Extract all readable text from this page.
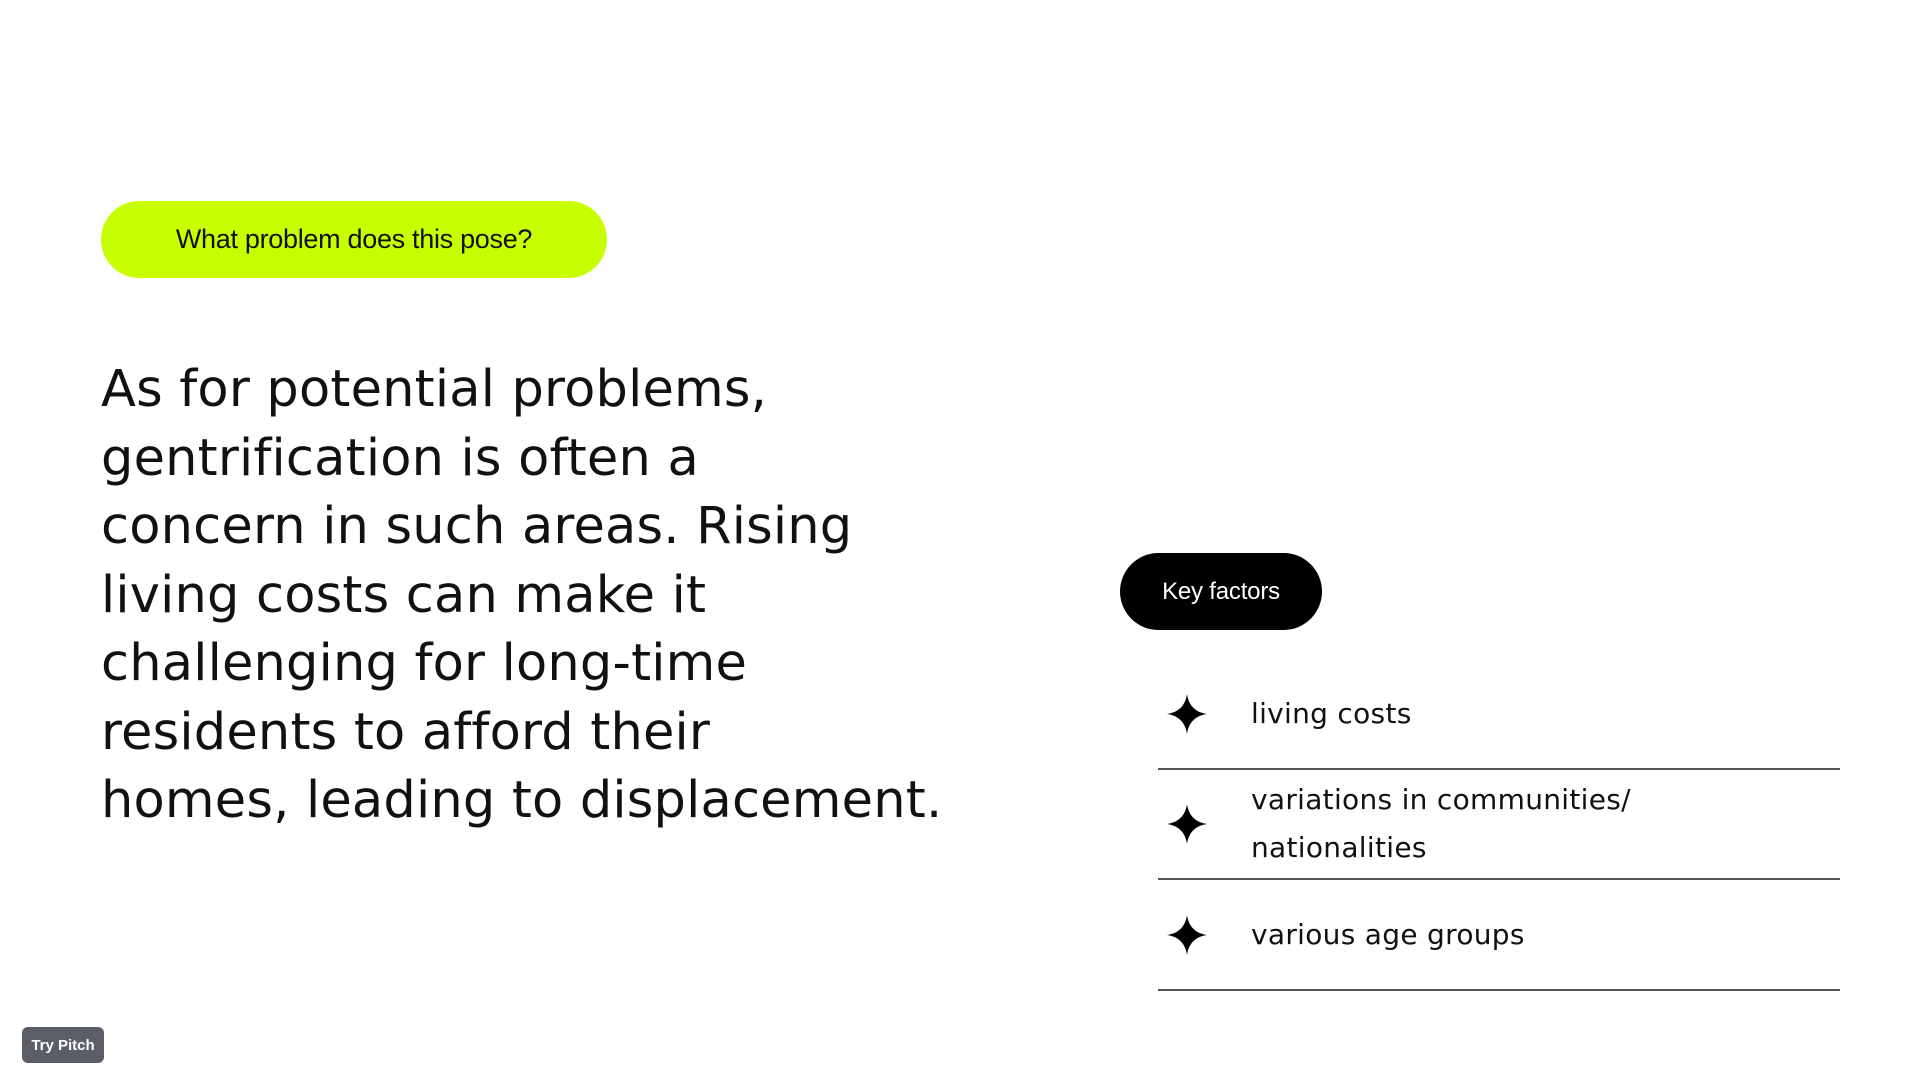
What problem does this pose?

As for potential problems,
gentrification is often a
concern in such areas. Rising
living costs can make it
challenging for long-time
residents to afford their
homes, leading to displacement.

Key factors
living costs
variations in communities/
nationalities
various age groups
Try Pitch
